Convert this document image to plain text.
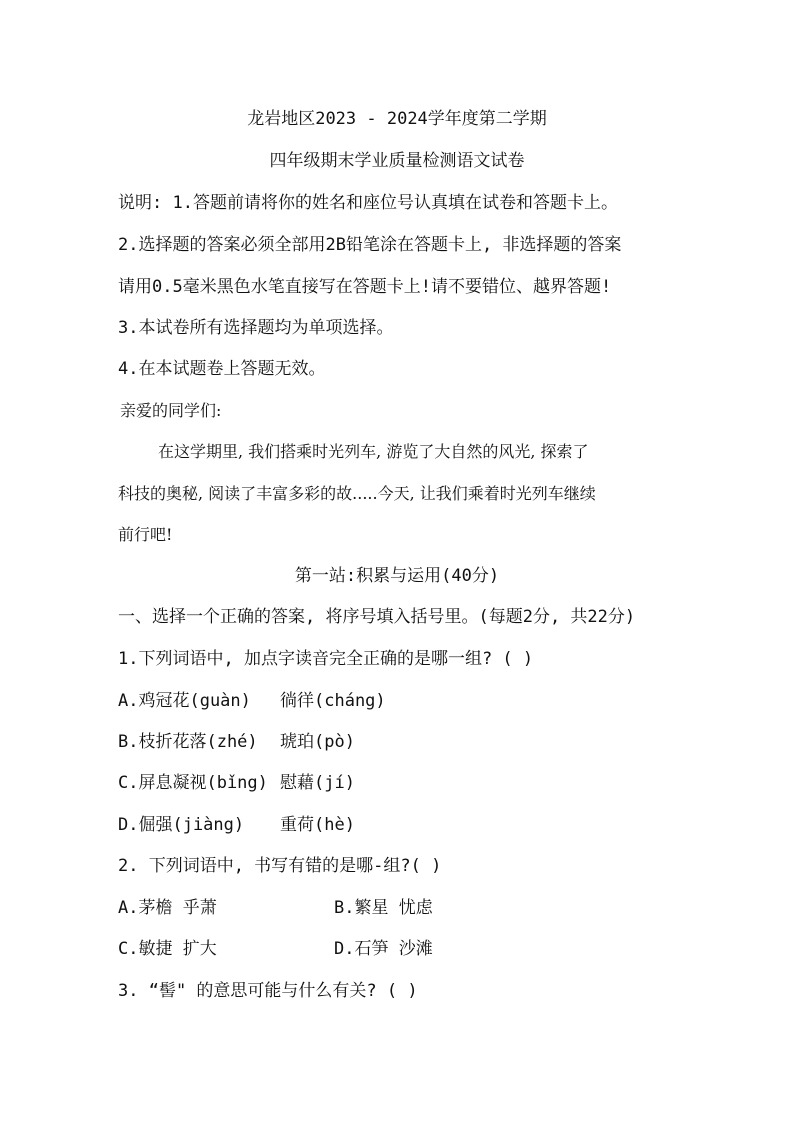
龙岩地区2023 - 2024学年度第二学期
四年级期末学业质量检测语文试卷
说明: 1.答题前请将你的姓名和座位号认真填在试卷和答题卡上。
2.选择题的答案必须全部用2B铅笔涂在答题卡上, 非选择题的答案
请用0.5毫米黑色水笔直接写在答题卡上!请不要错位、越界答题!
3.本试卷所有选择题均为单项选择。
4.在本试题卷上答题无效。
亲爱的同学们:
在这学期里, 我们搭乘时光列车, 游览了大自然的风光, 探索了
科技的奥秘, 阅读了丰富多彩的故.....今天, 让我们乘着时光列车继续
前行吧!
第一站:积累与运用(40分)
一、选择一个正确的答案, 将序号填入括号里。(每题2分, 共22分)
1.下列词语中, 加点字读音完全正确的是哪一组? ( )
A.鸡冠花(guàn) 徜徉(cháng)
B.枝折花落(zhé) 琥珀(pò)
C.屏息凝视(bǐng) 慰藉(jí)
D.倔强(jiàng) 重荷(hè)
2. 下列词语中, 书写有错的是哪-组?( )
A.茅檐 乎萧	B.繁星 忧虑
C.敏捷 扩大	D.石笋 沙滩
3. “髻" 的意思可能与什么有关? ( )
